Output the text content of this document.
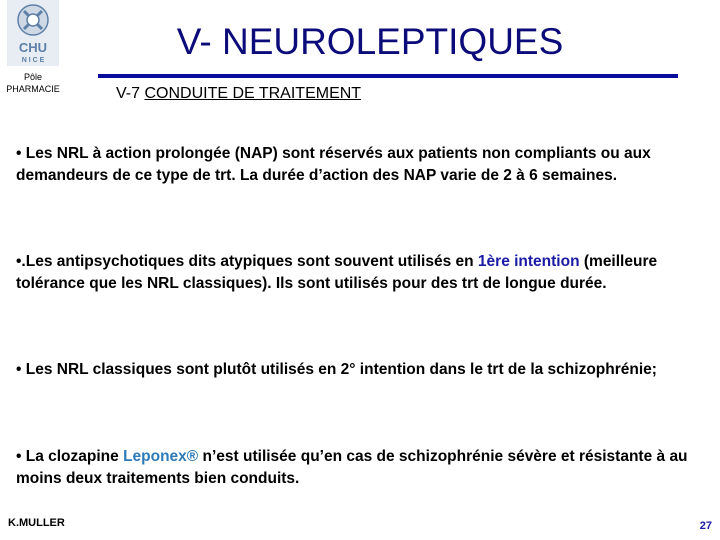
CHU
N I C E
Pôle
PHARMACIE
V- NEUROLEPTIQUES
V-7 CONDUITE DE TRAITEMENT
• Les NRL à action prolongée (NAP) sont réservés aux patients non compliants ou aux demandeurs de ce type de trt. La durée d’action des NAP varie de 2 à 6 semaines.
•.Les antipsychotiques dits atypiques sont souvent utilisés en 1ère intention (meilleure tolérance que les NRL classiques). Ils sont utilisés pour des trt de longue durée.
• Les NRL classiques sont plutôt utilisés en 2° intention dans le trt de la schizophrénie;
• La clozapine Leponex® n’est utilisée qu’en cas de schizophrénie sévère et résistante à au moins deux traitements bien conduits.
K.MULLER	27
